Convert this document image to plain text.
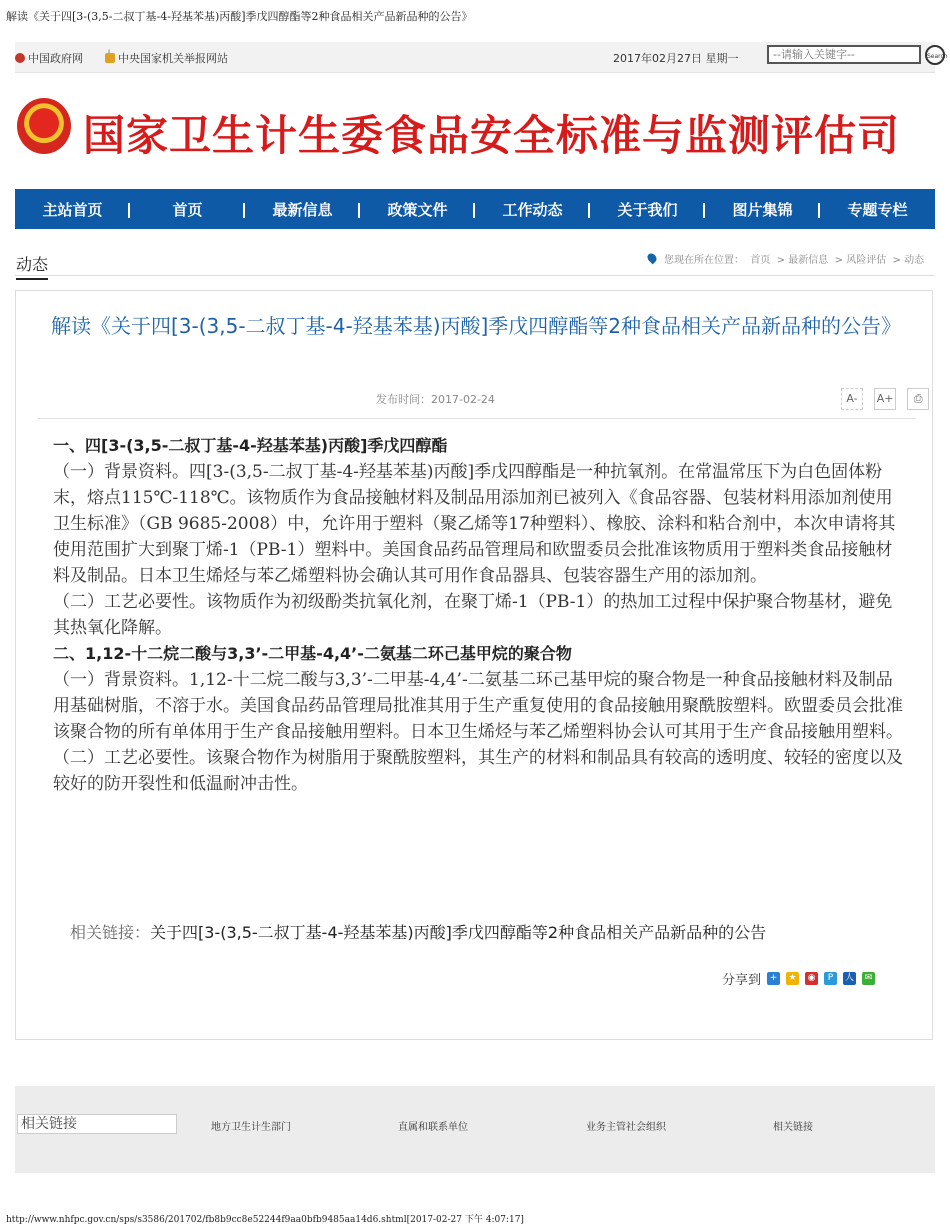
解读《关于四[3-(3,5-二叔丁基-4-羟基苯基)丙酸]季戊四醇酯等2种食品相关产品新品种的公告》
中国政府网	中央国家机关举报网站	2017年02月27日 星期一
--请输入关键字--	Search
国家卫生计生委食品安全标准与监测评估司
主站首页	首页	最新信息	政策文件	工作动态	关于我们	图片集锦	专题专栏
动态	您现在所在位置： 首页  > 最新信息  > 风险评估  > 动态
解读《关于四[3-(3,5-二叔丁基-4-羟基苯基)丙酸]季戊四醇酯等2种食品相关产品新品种的公告》
发布时间：2017-02-24	A- A+ ⎙
一、四[3-(3,5-二叔丁基-4-羟基苯基)丙酸]季戊四醇酯

（一）背景资料。四[3-(3,5-二叔丁基-4-羟基苯基)丙酸]季戊四醇酯是一种抗氧剂。在常温常压下为白色固体粉末，熔点115℃-118℃。该物质作为食品接触材料及制品用添加剂已被列入《食品容器、包装材料用添加剂使用卫生标准》（GB 9685-2008）中，允许用于塑料（聚乙烯等17种塑料）、橡胶、涂料和粘合剂中，本次申请将其使用范围扩大到聚丁烯-1（PB-1）塑料中。美国食品药品管理局和欧盟委员会批准该物质用于塑料类食品接触材料及制品。日本卫生烯烃与苯乙烯塑料协会确认其可用作食品器具、包装容器生产用的添加剂。

（二）工艺必要性。该物质作为初级酚类抗氧化剂，在聚丁烯-1（PB-1）的热加工过程中保护聚合物基材，避免其热氧化降解。

二、1,12-十二烷二酸与3,3’-二甲基-4,4’-二氨基二环己基甲烷的聚合物

（一）背景资料。1,12-十二烷二酸与3,3’-二甲基-4,4’-二氨基二环己基甲烷的聚合物是一种食品接触材料及制品用基础树脂，不溶于水。美国食品药品管理局批准其用于生产重复使用的食品接触用聚酰胺塑料。欧盟委员会批准该聚合物的所有单体用于生产食品接触用塑料。日本卫生烯烃与苯乙烯塑料协会认可其用于生产食品接触用塑料。

（二）工艺必要性。该聚合物作为树脂用于聚酰胺塑料，其生产的材料和制品具有较高的透明度、较轻的密度以及较好的防开裂性和低温耐冲击性。

相关链接：关于四[3-(3,5-二叔丁基-4-羟基苯基)丙酸]季戊四醇酯等2种食品相关产品新品种的公告
分享到 +	★ ◉	P	人	✉
相关链接	地方卫生计生部门	直属和联系单位	业务主管社会组织	相关链接
http://www.nhfpc.gov.cn/sps/s3586/201702/fb8b9cc8e52244f9aa0bfb9485aa14d6.shtml[2017-02-27 下午 4:07:17]
